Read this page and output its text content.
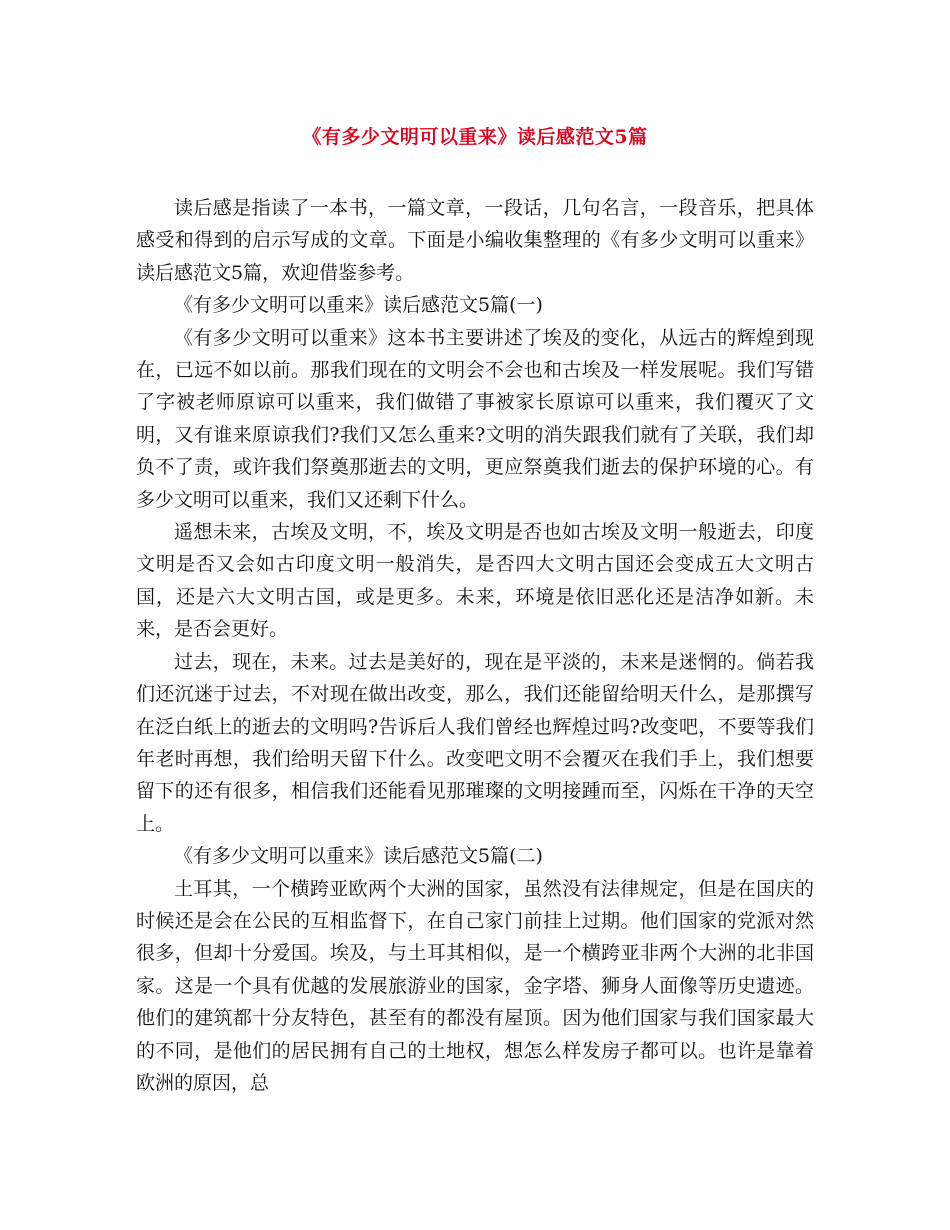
《有多少文明可以重来》读后感范文5篇

读后感是指读了一本书，一篇文章，一段话，几句名言，一段音乐，把具体感受和得到的启示写成的文章。下面是小编收集整理的《有多少文明可以重来》读后感范文5篇，欢迎借鉴参考。

《有多少文明可以重来》读后感范文5篇(一)

《有多少文明可以重来》这本书主要讲述了埃及的变化，从远古的辉煌到现在，已远不如以前。那我们现在的文明会不会也和古埃及一样发展呢。我们写错了字被老师原谅可以重来，我们做错了事被家长原谅可以重来，我们覆灭了文明，又有谁来原谅我们?我们又怎么重来?文明的消失跟我们就有了关联，我们却负不了责，或许我们祭奠那逝去的文明，更应祭奠我们逝去的保护环境的心。有多少文明可以重来，我们又还剩下什么。

遥想未来，古埃及文明，不，埃及文明是否也如古埃及文明一般逝去，印度文明是否又会如古印度文明一般消失，是否四大文明古国还会变成五大文明古国，还是六大文明古国，或是更多。未来，环境是依旧恶化还是洁净如新。未来，是否会更好。

过去，现在，未来。过去是美好的，现在是平淡的，未来是迷惘的。倘若我们还沉迷于过去，不对现在做出改变，那么，我们还能留给明天什么，是那撰写在泛白纸上的逝去的文明吗?告诉后人我们曾经也辉煌过吗?改变吧，不要等我们年老时再想，我们给明天留下什么。改变吧文明不会覆灭在我们手上，我们想要留下的还有很多，相信我们还能看见那璀璨的文明接踵而至，闪烁在干净的天空上。

《有多少文明可以重来》读后感范文5篇(二)

土耳其，一个横跨亚欧两个大洲的国家，虽然没有法律规定，但是在国庆的时候还是会在公民的互相监督下，在自己家门前挂上过期。他们国家的党派对然很多，但却十分爱国。埃及，与土耳其相似，是一个横跨亚非两个大洲的北非国家。这是一个具有优越的发展旅游业的国家，金字塔、狮身人面像等历史遗迹。他们的建筑都十分友特色，甚至有的都没有屋顶。因为他们国家与我们国家最大的不同，是他们的居民拥有自己的土地权，想怎么样发房子都可以。也许是靠着欧洲的原因，总
